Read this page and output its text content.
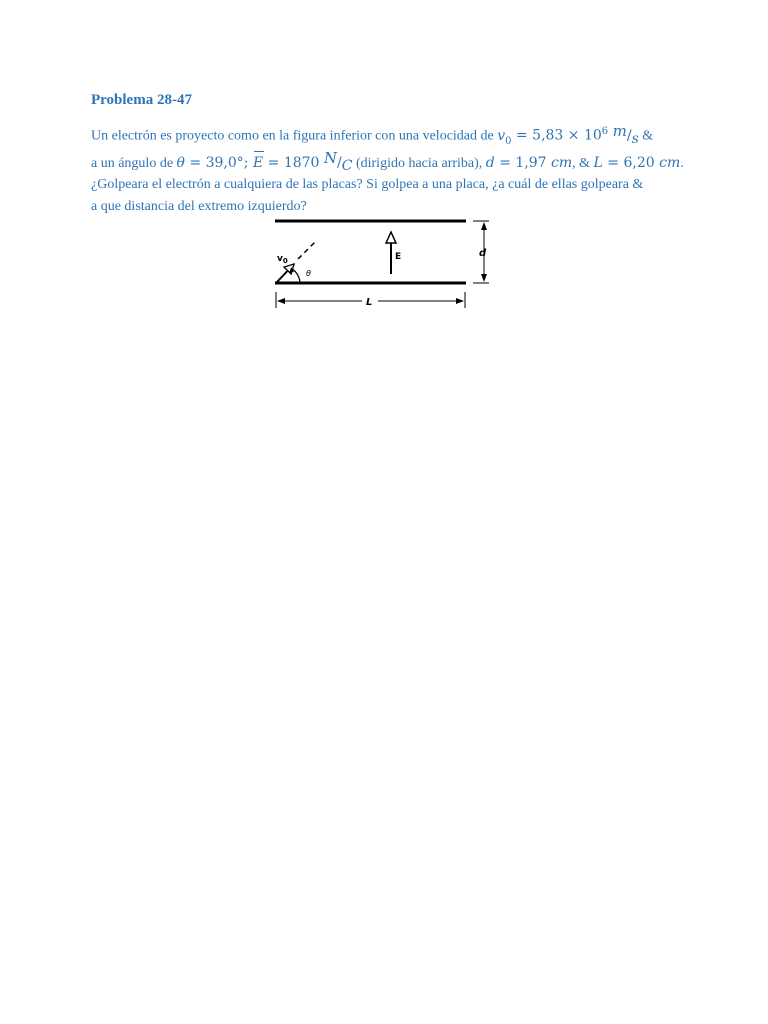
Problema 28-47
Un electrón es proyecto como en la figura inferior con una velocidad de $v_0 = 5,83 \times 10^6$ m/s &
a un ángulo de θ = 39,0°; E = 1870 N/C (dirigido hacia arriba), d = 1,97 cm, & L = 6,20 cm.
¿Golpeara el electrón a cualquiera de las placas? Si golpea a una placa, ¿a cuál de ellas golpeara &
a que distancia del extremo izquierdo?
d
E
$v_0$
θ
L
